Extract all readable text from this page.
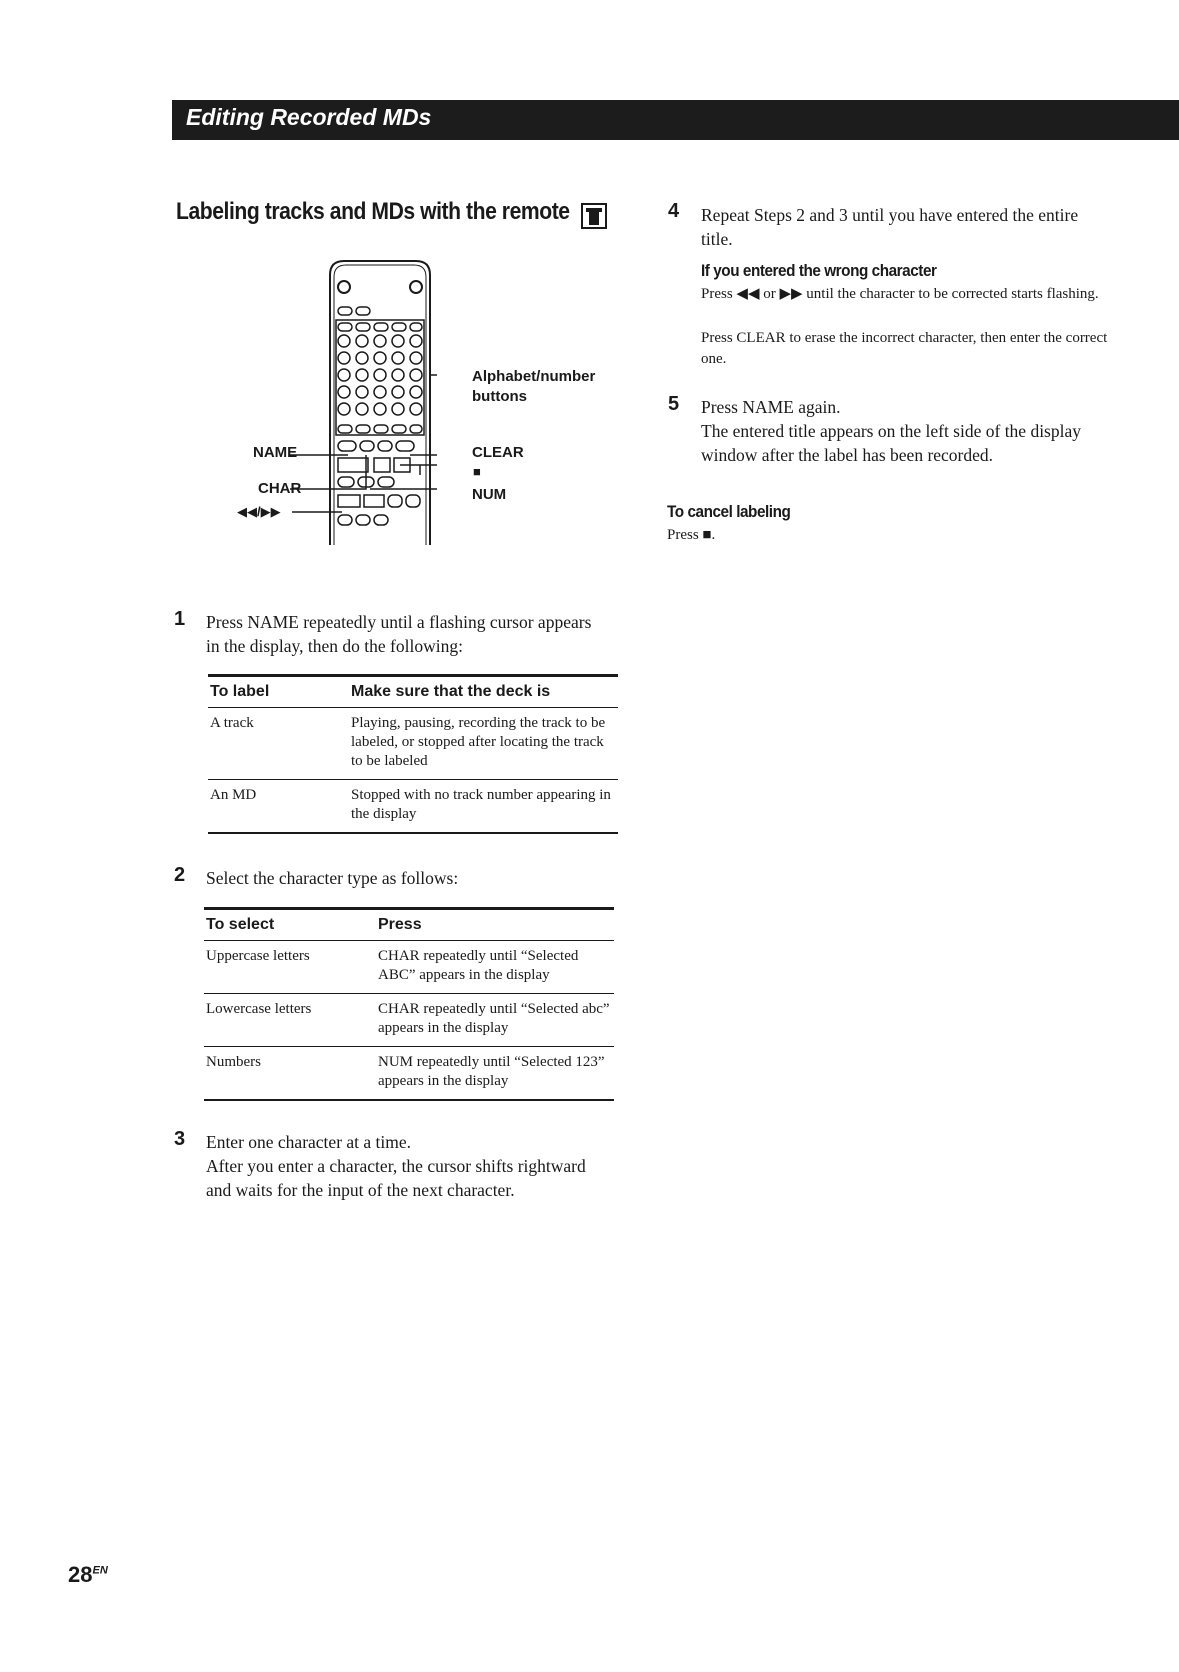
Editing Recorded MDs
Labeling tracks and MDs with the remote
NAME
CHAR
◀◀/▶▶
Alphabet/number buttons
CLEAR
■
NUM
1 Press NAME repeatedly until a flashing cursor appears in the display, then do the following:
To label	Make sure that the deck is
A track	Playing, pausing, recording the track to be labeled, or stopped after locating the track to be labeled
An MD	Stopped with no track number appearing in the display
2 Select the character type as follows:
To select	Press
Uppercase letters	CHAR repeatedly until “Selected ABC” appears in the display
Lowercase letters	CHAR repeatedly until “Selected abc” appears in the display
Numbers	NUM repeatedly until “Selected 123” appears in the display
3 Enter one character at a time.
After you enter a character, the cursor shifts rightward and waits for the input of the next character.
4 Repeat Steps 2 and 3 until you have entered the entire title.
If you entered the wrong character
Press ◀◀ or ▶▶ until the character to be corrected starts flashing.
Press CLEAR to erase the incorrect character, then enter the correct one.
5 Press NAME again.
The entered title appears on the left side of the display window after the label has been recorded.
To cancel labeling
Press ■.
$28^{EN}$
